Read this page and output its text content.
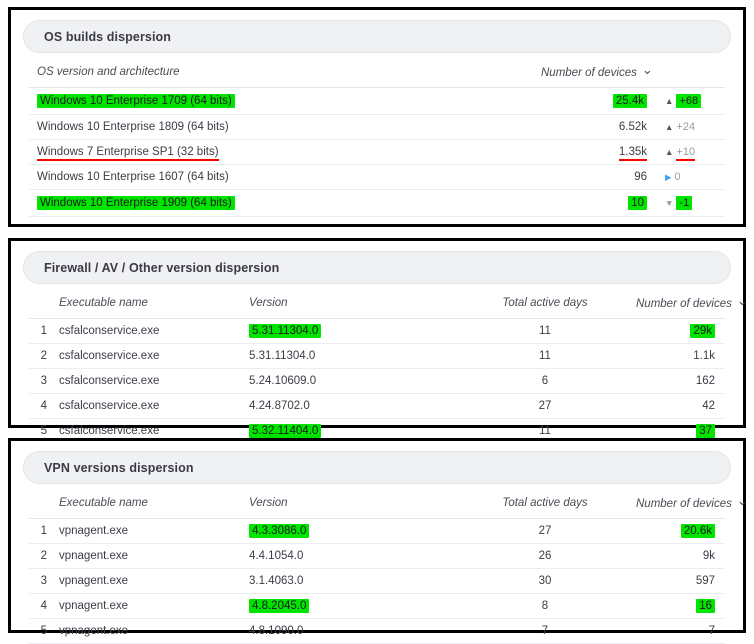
OS builds dispersion
OS version and architecture	Number of devices ⌄	
Windows 10 Enterprise 1709 (64 bits)	25.4k	▲+68
Windows 10 Enterprise 1809 (64 bits)	6.52k	▲+24
Windows 7 Enterprise SP1 (32 bits)	1.35k	▲+10
Windows 10 Enterprise 1607 (64 bits)	96	▶0
Windows 10 Enterprise 1909 (64 bits)	10	▼-1
Firewall / AV / Other version dispersion
	Executable name	Version	Total active days	Number of devices ⌄
1	csfalconservice.exe	5.31.11304.0	11	29k
2	csfalconservice.exe	5.31.11304.0	11	1.1k
3	csfalconservice.exe	5.24.10609.0	6	162
4	csfalconservice.exe	4.24.8702.0	27	42
5	csfalconservice.exe	5.32.11404.0	11	37
VPN versions dispersion
	Executable name	Version	Total active days	Number of devices ⌄
1	vpnagent.exe	4.3.3086.0	27	20.6k
2	vpnagent.exe	4.4.1054.0	26	9k
3	vpnagent.exe	3.1.4063.0	30	597
4	vpnagent.exe	4.8.2045.0	8	16
5	vpnagent.exe	4.8.1090.0	7	7
